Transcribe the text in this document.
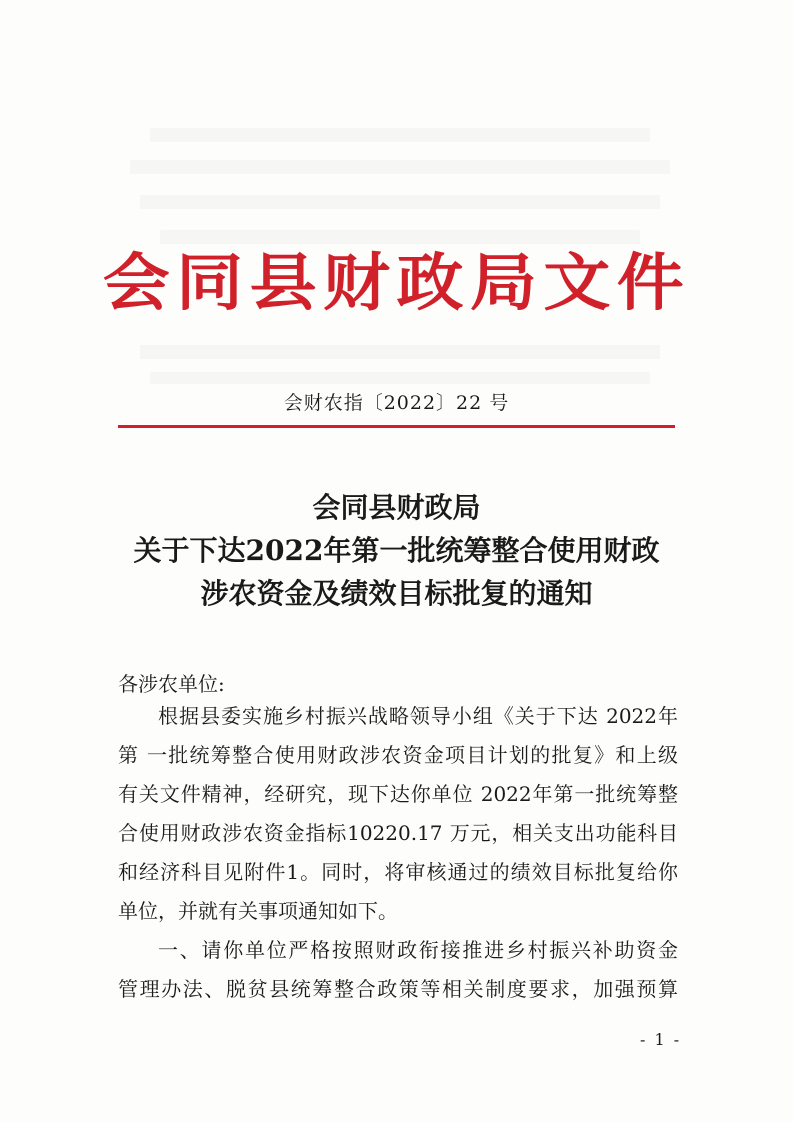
会同县财政局文件
会财农指〔2022〕22 号
会同县财政局
关于下达2022年第一批统筹整合使用财政
涉农资金及绩效目标批复的通知
各涉农单位:
根据县委实施乡村振兴战略领导小组《关于下达 2022年
第 一批统筹整合使用财政涉农资金项目计划的批复》和上级
有关文件精神，经研究，现下达你单位 2022年第一批统筹整
合使用财政涉农资金指标10220.17 万元，相关支出功能科目
和经济科目见附件1。同时，将审核通过的绩效目标批复给你
单位，并就有关事项通知如下。
一、请你单位严格按照财政衔接推进乡村振兴补助资金
管理办法、脱贫县统筹整合政策等相关制度要求，加强预算
- 1 -
